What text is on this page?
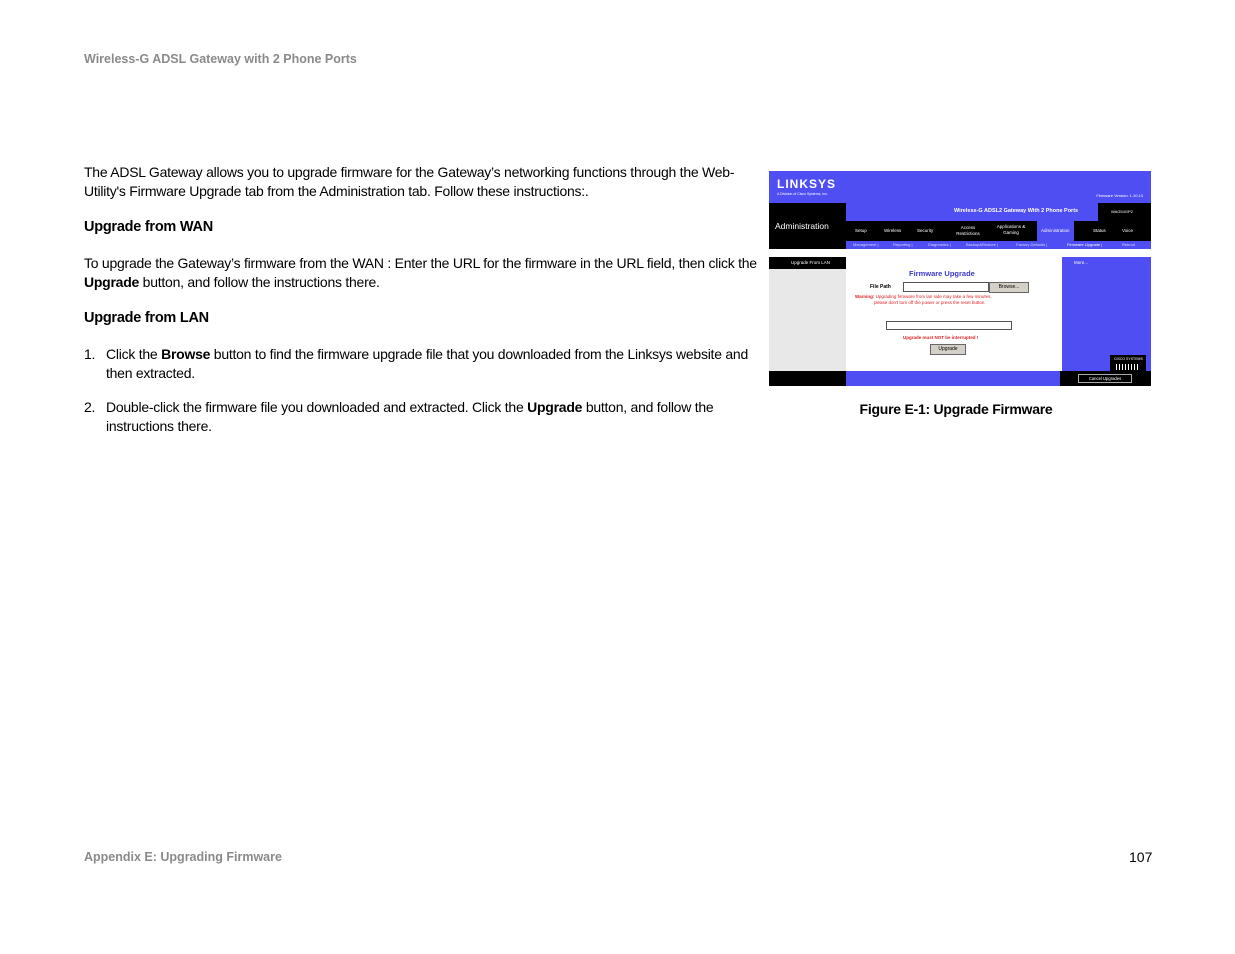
Wireless-G ADSL Gateway with 2 Phone Ports

The ADSL Gateway allows you to upgrade firmware for the Gateway’s networking functions through the Web-Utility's Firmware Upgrade tab from the Administration tab. Follow these instructions:.

Upgrade from WAN

To upgrade the Gateway’s firmware from the WAN : Enter the URL for the firmware in the URL field, then click the Upgrade button, and follow the instructions there.

Upgrade from LAN
1. Click the Browse button to find the firmware upgrade file that you downloaded from the Linksys website and then extracted.
2. Double-click the firmware file you downloaded and extracted. Click the Upgrade button, and follow the instructions there.
LINKSYS
A Division of Cisco Systems, Inc.	Firmware Version: 1.10.10
Administration
Wireless-G ADSL2 Gateway With 2 Phone Ports	WAG54GP2
Setup	Wireless	Security
Access Restrictions
Applications & Gaming	Administration	Status	Voice
Management |	Reporting |	Diagnostics |	Backup&Restore |	Factory Defaults |	Firmware Upgrade |	Reboot
Upgrade From LAN
Firmware Upgrade
File Path	Browse...
Warning: Upgrading firmware from lan side may take a few minutes,
please don't turn off the power or press the reset button.
Upgrade must NOT be interrupted !
Upgrade
More...
CISCO SYSTEMS
Cancel Upgrades
Figure E-1: Upgrade Firmware
Appendix E: Upgrading Firmware	107
